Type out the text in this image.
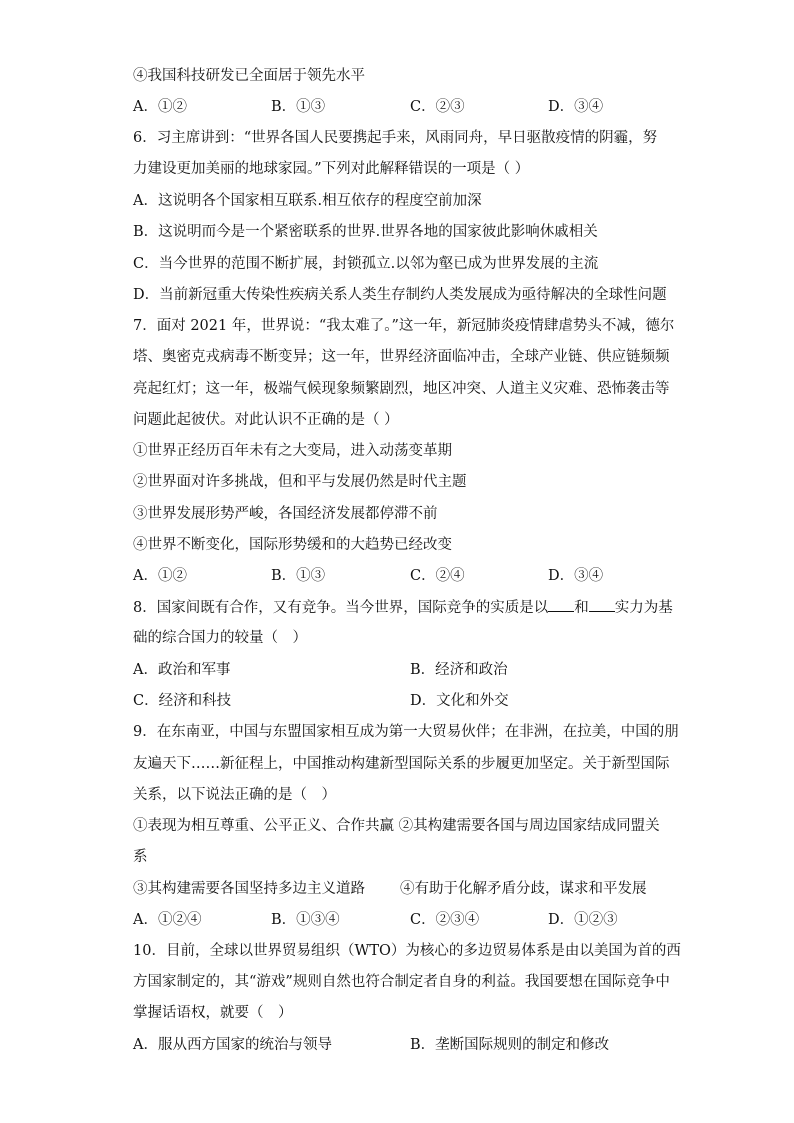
④我国科技研发已全面居于领先水平
A．①②	B．①③	C．②③	D．③④
6．习主席讲到：“世界各国人民要携起手来，风雨同舟，早日驱散疫情的阴霾，努
力建设更加美丽的地球家园。”下列对此解释错误的一项是（ ）
A．这说明各个国家相互联系.相互依存的程度空前加深
B．这说明而今是一个紧密联系的世界.世界各地的国家彼此影响休戚相关
C．当今世界的范围不断扩展，封锁孤立.以邻为壑已成为世界发展的主流
D．当前新冠重大传染性疾病关系人类生存制约人类发展成为亟待解决的全球性问题
7．面对 2021 年，世界说：“我太难了。”这一年，新冠肺炎疫情肆虐势头不减，德尔
塔、奥密克戎病毒不断变异；这一年，世界经济面临冲击，全球产业链、供应链频频
亮起红灯；这一年，极端气候现象频繁剧烈，地区冲突、人道主义灾难、恐怖袭击等
问题此起彼伏。对此认识不正确的是（ ）
①世界正经历百年未有之大变局，进入动荡变革期
②世界面对许多挑战，但和平与发展仍然是时代主题
③世界发展形势严峻，各国经济发展都停滞不前
④世界不断变化，国际形势缓和的大趋势已经改变
A．①②	B．①③	C．②④	D．③④
8．国家间既有合作，又有竞争。当今世界，国际竞争的实质是以 和 实力为基
础的综合国力的较量（　）
A．政治和军事	B．经济和政治
C．经济和科技	D．文化和外交
9．在东南亚，中国与东盟国家相互成为第一大贸易伙伴；在非洲，在拉美，中国的朋
友遍天下……新征程上，中国推动构建新型国际关系的步履更加坚定。关于新型国际
关系，以下说法正确的是（　）
①表现为相互尊重、公平正义、合作共赢 ②其构建需要各国与周边国家结成同盟关
系
③其构建需要各国坚持多边主义道路 ④有助于化解矛盾分歧，谋求和平发展
A．①②④	B．①③④	C．②③④	D．①②③
10．目前，全球以世界贸易组织（WTO）为核心的多边贸易体系是由以美国为首的西
方国家制定的，其“游戏”规则自然也符合制定者自身的利益。我国要想在国际竞争中
掌握话语权，就要（　）
A．服从西方国家的统治与领导	B．垄断国际规则的制定和修改
